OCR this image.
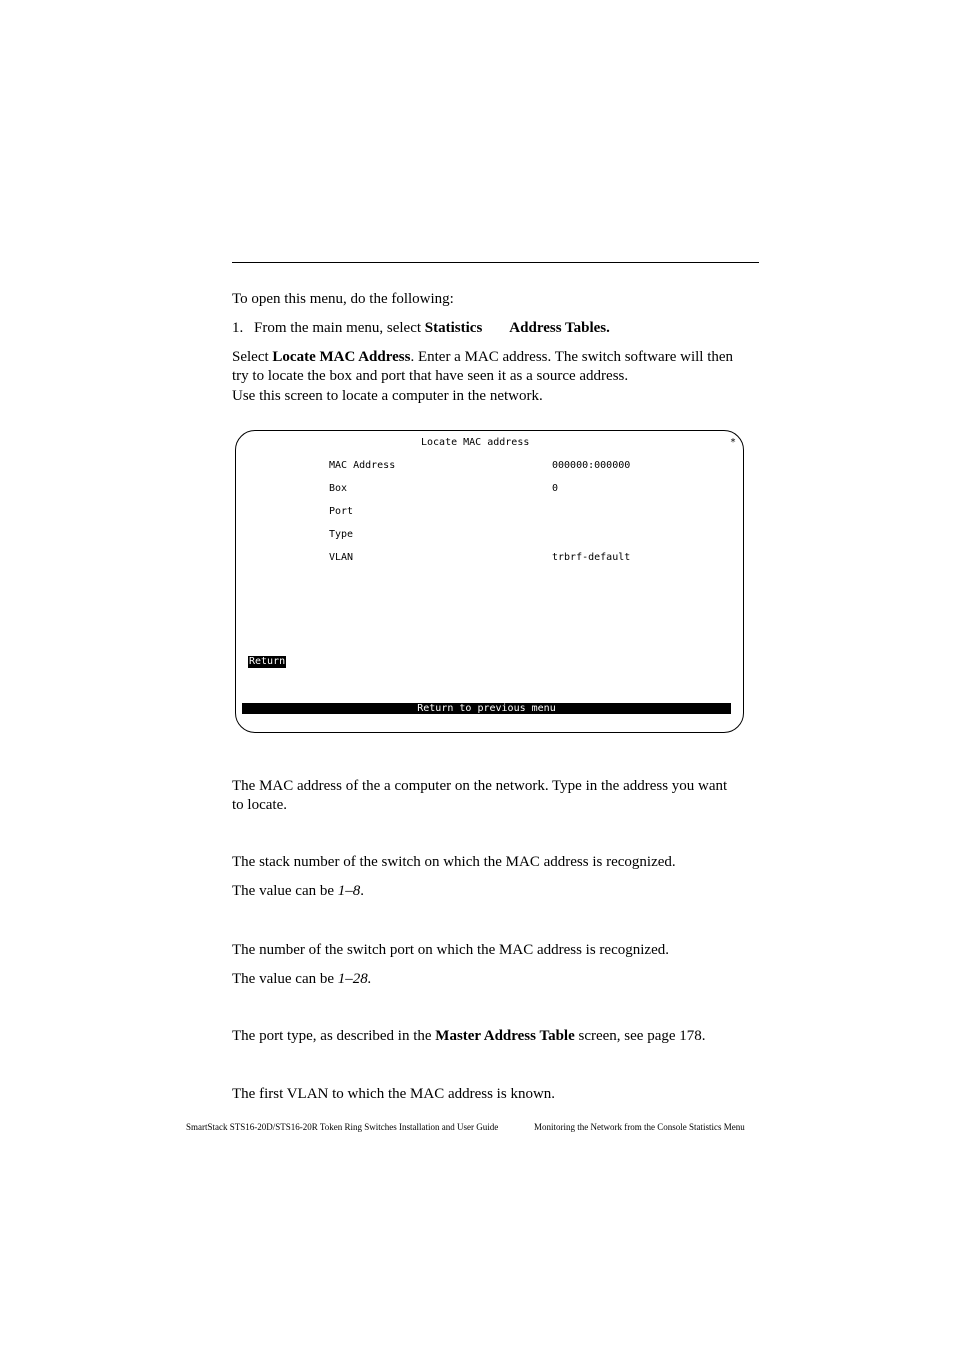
To open this menu, do the following:
1. From the main menu, select Statistics Address Tables.
Select Locate MAC Address. Enter a MAC address. The switch software will then
try to locate the box and port that have seen it as a source address.
Use this screen to locate a computer in the network.
Locate MAC address	*
MAC Address	000000:000000
Box	0
Port
Type
VLAN	trbrf-default
Return
Return to previous menu
The MAC address of the a computer on the network. Type in the address you want
to locate.
The stack number of the switch on which the MAC address is recognized.
The value can be 1–8.
The number of the switch port on which the MAC address is recognized.
The value can be 1–28.
The port type, as described in the Master Address Table screen, see page 178.
The first VLAN to which the MAC address is known.
SmartStack STS16-20D/STS16-20R Token Ring Switches Installation and User Guide	Monitoring the Network from the Console Statistics Menu
